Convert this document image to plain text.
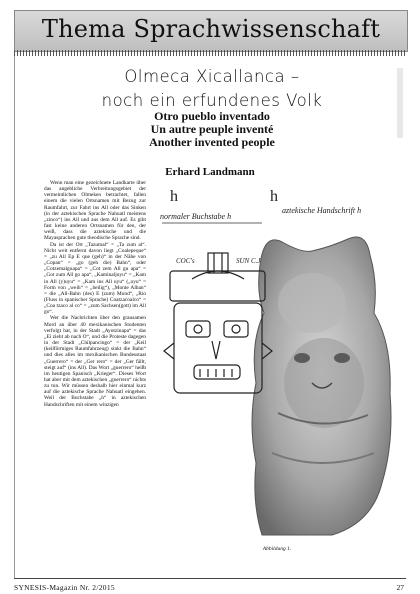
Thema Sprachwissenschaft
Olmeca Xicallanca –
noch ein erfundenes Volk
Otro pueblo inventado
Un autre peuple inventé
Another invented people
Erhard Landmann

Wenn man eine gezeichnete Landkarte über das angebliche Verbreitungsgebiet der vermeintlichen Olmeken betrachtet, fallen einem die vielen Ortsnamen mit Bezug zur Raumfahrt, zur Fahrt ins All oder das Sinken (in der aztekischen Sprache Nahuatl meistens „zinco“) ins All und aus dem All auf. Es gibt fast keine anderen Ortsnamen für den, der weiß, dass die aztekische und die Mayasprachen gute theodische Sprache sind.

Da ist der Ort „Tazumal“ = „Ta zum al“. Nicht weit entfernt davon liegt „Coalepeque“ = „zu All Ep E que (geh)“ in der Nähe von „Copan“ = „go (geh die) Bahn“, oder „Cotzemalguapa“ = „Cot zem All gu apa“ = „Got zum All go apa“, „Kaminaljuyu“ = „Kam in All (y)uyu“ = „Kam ins All uyu“ („uyu“ = Form von „weih“ = „heilig“), „Monte Alban“ = die „All-Bahn (des) E (zum) Mond“, „Rio (Fluss in spanischer Sprache) Coatzacoalco“ = „Coa tzaco al co“ = „zum Sachsen(gott) im All go“.

Wer die Nachrichten über den grausamen Mord an über 40 mexikanischen Studenten verfolgt hat, in der Stadt „Ayotzinapa“ = das „Ei zieht ab nach O“, und die Proteste dagegen in der Stadt „Chilpancingo“ = der „Keil (keilförmiges Raumfahrzeug) sinkt die Bahn“ und dies alles im mexikanischen Bundesstaat „Guerrero“ = der „Ger rero“ = der „Ger fällt, steigt auf“ (ins All). Das Wort „guerrero“ heißt im heutigen Spanisch „Krieger“. Dieses Wort hat aber mit dem aztekischen „guerrero“ nichts zu tun. Wir müssen deshalb hier einmal kurz auf die aztekische Sprache Nahuatl eingehen. Weil der Buchstabe „h“ in aztekischen Handschriften mit einem winzigen

h
normaler Buchstabe h
h
aztekische Handschrift h
COC's	SUN C.J
Abbildung 1.
SYNESIS-Magazin Nr. 2/2015	27
